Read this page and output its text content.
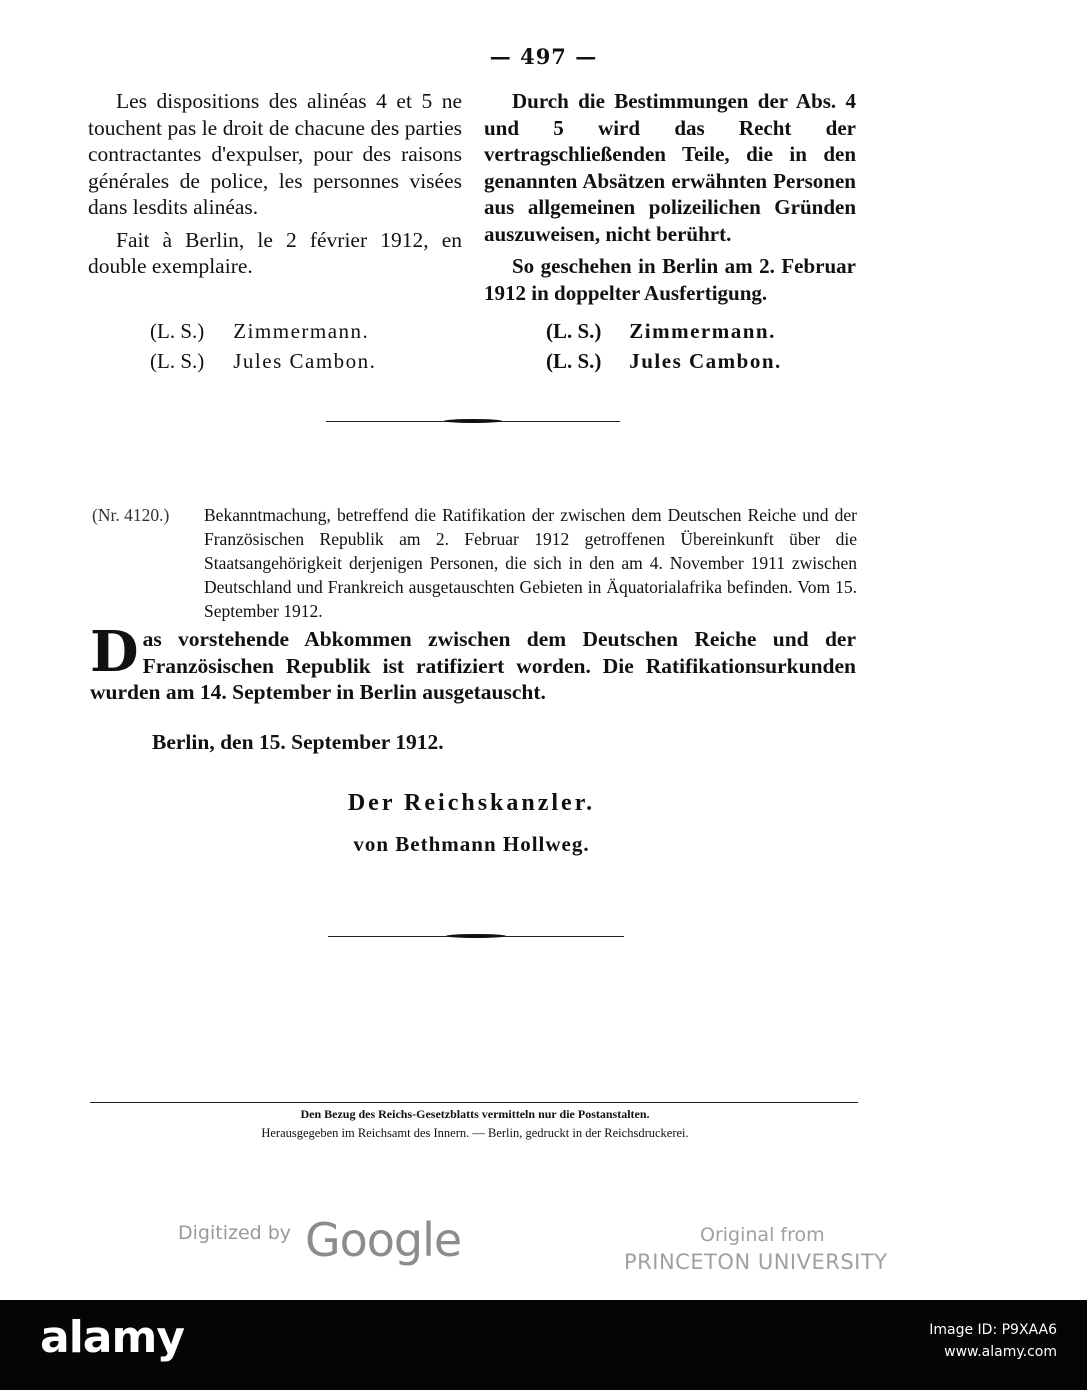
— 497 —

Les dispositions des alinéas 4 et 5 ne touchent pas le droit de chacune des parties contractantes d'expulser, pour des raisons générales de police, les personnes visées dans lesdits alinéas.

Fait à Berlin, le 2 février 1912, en double exemplaire.

Durch die Bestimmungen der Abs. 4 und 5 wird das Recht der vertragschließenden Teile, die in den genannten Absätzen erwähnten Personen aus allgemeinen polizeilichen Gründen auszuweisen, nicht berührt.

So geschehen in Berlin am 2. Februar 1912 in doppelter Ausfertigung.

(L. S.) Zimmermann.
(L. S.) Jules Cambon.
(L. S.) Zimmermann.
(L. S.) Jules Cambon.
(Nr. 4120.) Bekanntmachung, betreffend die Ratifikation der zwischen dem Deutschen Reiche und der Französischen Republik am 2. Februar 1912 getroffenen Übereinkunft über die Staatsangehörigkeit derjenigen Personen, die sich in den am 4. November 1911 zwischen Deutschland und Frankreich ausgetauschten Gebieten in Äquatorialafrika befinden. Vom 15. September 1912.
D as vorstehende Abkommen zwischen dem Deutschen Reiche und der Französischen Republik ist ratifiziert worden. Die Ratifikationsurkunden wurden am 14. September in Berlin ausgetauscht.
Berlin, den 15. September 1912.
Der Reichskanzler.
von Bethmann Hollweg.
Den Bezug des Reichs-Gesetzblatts vermitteln nur die Postanstalten.
Herausgegeben im Reichsamt des Innern. — Berlin, gedruckt in der Reichsdruckerei.
Digitized by Google	Original from
PRINCETON UNIVERSITY
alamy	Image ID: P9XAA6
www.alamy.com
